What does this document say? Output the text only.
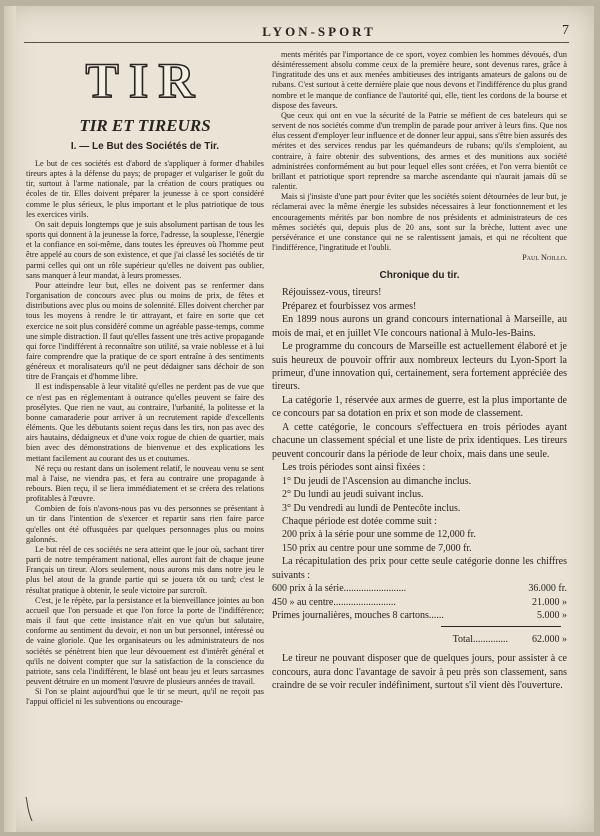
LYON-SPORT	7
TIR
TIR ET TIREURS
I. — Le But des Sociétés de Tir.

Le but de ces sociétés est d'abord de s'appliquer à former d'habiles tireurs aptes à la défense du pays; de propager et vulgariser le goût du tir, surtout à l'arme nationale, par la création de cours pratiques ou écoles de tir. Elles doivent préparer la jeunesse à ce sport considéré comme le plus sérieux, le plus important et le plus patriotique de tous les exercices virils.

On sait depuis longtemps que je suis absolument partisan de tous les sports qui donnent à la jeunesse la force, l'adresse, la souplesse, l'énergie et la confiance en soi-même, dans toutes les épreuves où l'homme peut être appelé au cours de son existence, et que j'ai classé les sociétés de tir parmi celles qui ont un rôle supérieur qu'elles ne doivent pas oublier, sans manquer à leur mandat, à leurs promesses.

Pour atteindre leur but, elles ne doivent pas se renfermer dans l'organisation de concours avec plus ou moins de prix, de fêtes et distributions avec plus ou moins de solennité. Elles doivent chercher par tous les moyens à rendre le tir attrayant, et faire en sorte que cet exercice ne soit plus considéré comme un agréable passe-temps, comme une simple distraction. Il faut qu'elles fassent une très active propagande qui force l'indifférent à reconnaître son utilité, sa vraie noblesse et à lui faire comprendre que la pratique de ce sport entraîne à des sentiments généreux et moralisateurs qu'il ne peut dédaigner sans déchoir de son titre de Français et d'homme libre.

Il est indispensable à leur vitalité qu'elles ne perdent pas de vue que ce n'est pas en réglementant à outrance qu'elles peuvent se faire des prosélytes. Que rien ne vaut, au contraire, l'urbanité, la politesse et la bonne camaraderie pour arriver à un recrutement rapide d'excellents éléments. Que les débutants soient reçus dans les tirs, non pas avec des airs hautains, dédaigneux et d'une voix rogue de chien de quartier, mais bien avec des démonstrations de bienvenue et des explications les mettant facilement au courant des us et coutumes.

Né reçu ou restant dans un isolement relatif, le nouveau venu se sent mal à l'aise, ne viendra pas, et fera au contraire une propagande à rebours. Bien reçu, il se liera immédiatement et se créera des relations profitables à l'œuvre.

Combien de fois n'avons-nous pas vu des personnes se présentant à un tir dans l'intention de s'exercer et repartir sans rien faire parce qu'elles ont été offusquées par quelques personnages plus ou moins galonnés.

Le but réel de ces sociétés ne sera atteint que le jour où, sachant tirer parti de notre tempérament national, elles auront fait de chaque jeune Français un tireur. Alors seulement, nous aurons mis dans notre jeu le plus bel atout de la grande partie qui se jouera tôt ou tard; c'est le résultat pratique à obtenir, le seule victoire par surcroît.

C'est, je le répète, par la persistance et la bienveillance jointes au bon accueil que l'on persuade et que l'on force la porte de l'indifférence; mais il faut que cette insistance n'ait en vue qu'un but salutaire, conforme au sentiment du devoir, et non un but personnel, intéressé ou de vaine gloriole. Que les organisateurs ou les administrateurs de nos sociétés se pénètrent bien que leur dévouement est d'intérêt général et qu'ils ne doivent compter que sur la satisfaction de la conscience du patriote, sans cela l'indifférent, le blasé ont beau jeu et leurs sarcasmes peuvent détruire en un moment l'œuvre de plusieurs années de travail.

Si l'on se plaint aujourd'hui que le tir se meurt, qu'il ne reçoit pas l'appui officiel ni les subventions ou encourage-

ments mérités par l'importance de ce sport, voyez combien les hommes dévoués, d'un désintéressement absolu comme ceux de la première heure, sont devenus rares, grâce à l'ingratitude des uns et aux menées ambitieuses des intrigants amateurs de galons ou de rubans. C'est surtout à cette dernière plaie que nous devons et l'indifférence du plus grand nombre et le manque de confiance de l'autorité qui, elle, tient les cordons de la bourse et dispose des faveurs.

Que ceux qui ont en vue la sécurité de la Patrie se méfient de ces bateleurs qui se servent de nos sociétés comme d'un tremplin de parade pour arriver à leurs fins. Que nos élus cessent d'employer leur influence et de donner leur appui, sans s'être bien assurés des mérites et des services rendus par les quémandeurs de rubans; qu'ils s'emploient, au contraire, à faire obtenir des subventions, des armes et des munitions aux société administrées conformément au but pour lequel elles sont créées, et l'on verra bientôt ce brillant et patriotique sport reprendre sa marche ascendante qui n'aurait jamais dû se ralentir.

Mais si j'insiste d'une part pour éviter que les sociétés soient détournées de leur but, je réclamerai avec la même énergie les subsides nécessaires à leur fonctionnement et les encouragements mérités par bon nombre de nos présidents et administrateurs de ces mêmes sociétés qui, depuis plus de 20 ans, sont sur la brèche, luttent avec une persévérance et une constance qui ne se ralentissent jamais, et qui ne récoltent que l'indifférence, l'ingratitude et l'oubli.

Paul Noillo.

Chronique du tir.

Réjouissez-vous, tireurs!

Préparez et fourbissez vos armes!

En 1899 nous aurons un grand concours international à Marseille, au mois de mai, et en juillet VIe concours national à Mulo-les-Bains.

Le programme du concours de Marseille est actuellement élaboré et je suis heureux de pouvoir offrir aux nombreux lecteurs du Lyon-Sport la primeur, d'une innovation qui, certainement, sera fortement appréciée des tireurs.

La catégorie 1, réservée aux armes de guerre, est la plus importante de ce concours par sa dotation en prix et son mode de classement.

A cette catégorie, le concours s'effectuera en trois périodes ayant chacune un classement spécial et une liste de prix identiques. Les tireurs peuvent concourir dans la période de leur choix, mais dans une seule.

Les trois périodes sont ainsi fixées :

1° Du jeudi de l'Ascension au dimanche inclus.

2° Du lundi au jeudi suivant inclus.

3° Du vendredi au lundi de Pentecôte inclus.

Chaque période est dotée comme suit :

200 prix à la série pour une somme de 12,000 fr.

150 prix au centre pour une somme de 7,000 fr.

La récapitulation des prix pour cette seule catégorie donne les chiffres suivants :

600 prix à la série.........................	36.000 fr.
450 » au centre.........................	21.000 »
Primes journalières, mouches 8 cartons......	5.000 »
Total.............. 62.000 »

Le tireur ne pouvant disposer que de quelques jours, pour assister à ce concours, aura donc l'avantage de savoir à peu près son classement, sans craindre de se voir reculer indéfiniment, surtout s'il vient dès l'ouverture.
